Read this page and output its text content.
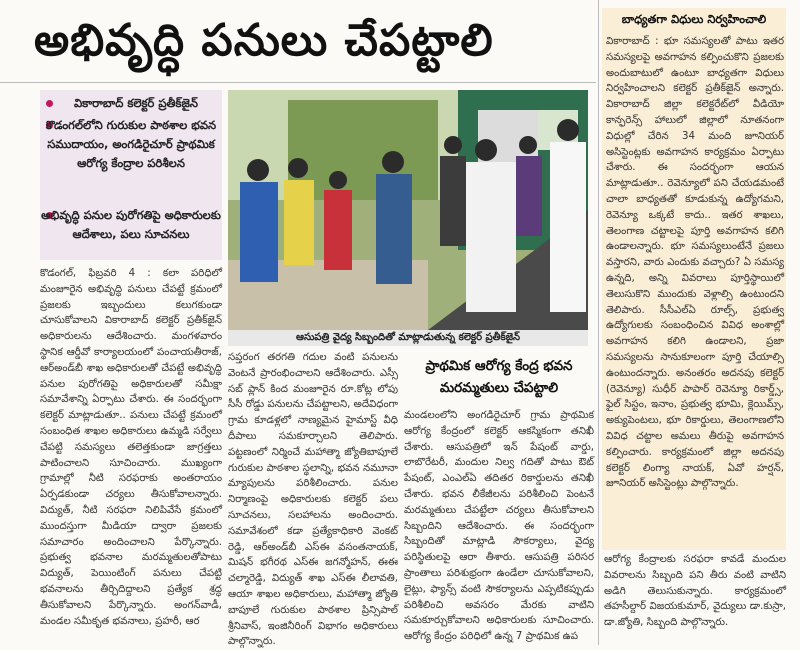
అభివృద్ధి పనులు చేపట్టాలి
వికారాబాద్ కలెక్టర్ ప్రతీక్‌జైన్
కొడంగల్‌లోని గురుకుల పాఠశాల భవన సముదాయం, అంగడిరైచూర్ ప్రాథమిక ఆరోగ్య కేంద్రాల పరిశీలన
అభివృద్ధి పనుల పురోగతిపై అధికారులకు ఆదేశాలు, పలు సూచనలు

కొడంగల్, ఫిబ్రవరి 4 : కలా పరిధిలో మంజూరైన అభివృద్ధి పనులు చేపట్టే క్రమంలో ప్రజలకు ఇబ్బందులు కలుగకుండా చూసుకోవాలని వికారాబాద్ కలెక్టర్ ప్రతీక్‌జైన్ అధికారులను ఆదేశించారు. మంగళవారం స్థానిక ఆర్డీవో కార్యాలయంలో పంచాయతీరాజ్, ఆర్‌అండ్‌బీ శాఖ అధికారులతో చేపట్టే అభివృద్ధి పనుల పురోగతిపై అధికారులతో సమీక్షా సమావేశాన్ని ఏర్పాటు చేశారు. ఈ సందర్భంగా కలెక్టర్ మాట్లాడుతూ.. పనులు చేపట్టే క్రమంలో సంబంధిత శాఖల అధికారులు ఉమ్మడి సర్వేలు చేపట్టి సమస్యలు తలెత్తకుండా జాగ్రత్తలు పాటించాలని సూచించారు. ముఖ్యంగా గ్రామాల్లో నీటి సరఫరాకు అంతరాయం ఏర్పడకుండా చర్యలు తీసుకోవాలన్నారు. విద్యుత్, నీటి సరఫరా నిలిపివేసే క్రమంలో ముందస్తుగా మీడియా ద్వారా ప్రజలకు సమాచారం అందించాలని పేర్కొన్నారు. ప్రభుత్వ భవనాల మరమ్మతులతోపాటు విద్యుత్, పెయింటింగ్ పనులు చేపట్టి భవనాలను తీర్చిదిద్దాలని ప్రత్యేక శ్రద్ధ తీసుకోవాలని పేర్కొన్నారు. అంగన్‌వాడీ, మండల సమీకృత భవనాలు, ప్రహరీ, ఆర

ఆసుపత్రి వైద్య సిబ్బందితో మాట్లాడుతున్న కలెక్టర్ ప్రతీక్‌జైన్

సప్తరంగ తరగతి గదుల వంటి పనులను వెంటనే ప్రారంభించాలని ఆదేశించారు. ఎస్సీ సబ్ ప్లాన్ కింద మంజూరైన రూ.కోట్ల లోపు సీసీ రోడ్డు పనులను చేపట్టాలని, అదేవిధంగా గ్రామ కూడళ్లలో నాణ్యమైన హైమాస్ట్ వీధి దీపాలు సమకూర్చాలని తెలిపారు. పట్టణంలో నిర్మించే మహాత్మా జ్యోతిబాపూలే గురుకుల పాఠశాల స్థలాన్ని, భవన నమూనా మ్యాపులను పరిశీలించారు. పనుల నిర్మాణంపై అధికారులకు కలెక్టర్ పలు సూచనలు, సలహాలను అందించారు. సమావేశంలో కడా ప్రత్యేకాధికారి వెంకట్ రెడ్డి, ఆర్‌అండ్‌బీ ఎస్ఈ వసంతనాయక్, మిషన్ భగీరథ ఎస్ఈ జగన్మోహన్, ఈఈ చల్మారెడ్డి, విద్యుత్ శాఖ ఎస్ఈ లీలావతి, ఆయా శాఖల అధికారులు, మహాత్మా జ్యోతి బాపూలే గురుకుల పాఠశాల ప్రిన్సిపాల్ శ్రీనివాస్, ఇంజినీరింగ్ విభాగం అధికారులు పాల్గొన్నారు.

ప్రాథమిక ఆరోగ్య కేంద్ర భవన మరమ్మతులు చేపట్టాలి

మండలంలోని అంగడిరైచూర్ గ్రామ ప్రాథమిక ఆరోగ్య కేంద్రంలో కలెక్టర్ ఆకస్మికంగా తనిఖీ చేశారు. ఆసుపత్రిలో ఇన్ పేషంట్ వార్డు, లాబొరేటరీ, మందుల నిల్వ గదితో పాటు ఔట్ పేషంట్, ఎంఎల్‌ఏ తదితర రికార్డులను తనిఖీ చేశారు. భవన లీకేజీలను పరిశీలించి పెంటనే మరమ్మతులు చేపట్టేలా చర్యలు తీసుకోవాలని సిబ్బందిని ఆదేశించారు. ఈ సందర్భంగా సిబ్బందితో మాట్లాడి సౌకర్యాలు, వైద్య పరిస్థితులపై ఆరా తీశారు. ఆసుపత్రి పరిసర ప్రాంతాలు పరిశుభ్రంగా ఉండేలా చూసుకోవాలని, లైట్లు, ఫ్యాన్స్ వంటి సౌకర్యాలను ఎప్పటికప్పుడు పరిశీలించి అవసరం మేరకు వాటిని సమకూర్చుకోవాలని అధికారులకు సూచించారు. ఆరోగ్య కేంద్రం పరిధిలో ఉన్న 7 ప్రాథమిక ఉప

బాధ్యతగా విధులు నిర్వహించాలి

వికారాబాద్ : భూ సమస్యలతో పాటు ఇతర సమస్యలపై అవగాహన కల్పించుకొని ప్రజలకు అందుబాటులో ఉంటూ బాధ్యతగా విధులు నిర్వహించాలని కలెక్టర్ ప్రతీక్‌జైన్ అన్నారు. వికారాబాద్ జిల్లా కలెక్టరేట్‌లో వీడియో కాన్ఫరెన్స్ హాలులో జిల్లాలో నూతనంగా విధుల్లో చేరిన 34 మంది జూనియర్ అసిస్టెంట్లకు అవగాహన కార్యక్రమం ఏర్పాటు చేశారు. ఈ సందర్భంగా ఆయన మాట్లాడుతూ.. రెవెన్యూలో పని చేయడమంటే చాలా బాధ్యతతో కూడుకున్న ఉద్యోగమని, రెవెన్యూ ఒక్కటే కాదు.. ఇతర శాఖలు, తెలంగాణ చట్టాలపై పూర్తి అవగాహన కలిగి ఉండాలన్నారు. భూ సమస్యలుంటేనే ప్రజలు వస్తారని, వారు ఎందుకు వచ్చారు? ఏ సమస్య ఉన్నది, అన్ని వివరాలు పూర్తిస్థాయిలో తెలుసుకొని ముందుకు వెళ్లాల్సి ఉంటుందని తెలిపారు. సీసీఎల్ఏ రూల్స్, ప్రభుత్వ ఉద్యోగులకు సంబంధించిన వివిధ అంశాల్లో అవగాహన కలిగి ఉండాలని, ప్రజా సమస్యలను సానుకూలంగా పూర్తి చేయాల్సి ఉంటుందన్నారు. అనంతరం అదనపు కలెక్టర్ (రెవెన్యూ) సుధీర్ పాపార్ రెవెన్యూ రికార్డ్స్, ఫైల్ సిస్టం, ఇనాం, ప్రభుత్వ భూమి, క్లెయిమ్స్, అక్యుపెంటలు, భూ రికార్డులు, తెలంగాణలోని వివిధ చట్టాల అమలు తీరుపై అవగాహన కల్పించారు. కార్యక్రమంలో జిల్లా అదనపు కలెక్టర్ లింగ్యా నాయక్, ఏవో హర్షన్, జూనియర్ అసిస్టెంట్లు పాల్గొన్నారు.

ఆరోగ్య కేంద్రాలకు సరఫరా కావడే మందుల వివరాలను సిబ్బంది పని తీరు వంటి వాటిని అడిగి తెలుసుకున్నారు. కార్యక్రమంలో తహసీల్దార్ విజయకుమార్, వైద్యులు డా.కుస్రా, డా.జ్యోతి, సిబ్బంది పాల్గొన్నారు.
